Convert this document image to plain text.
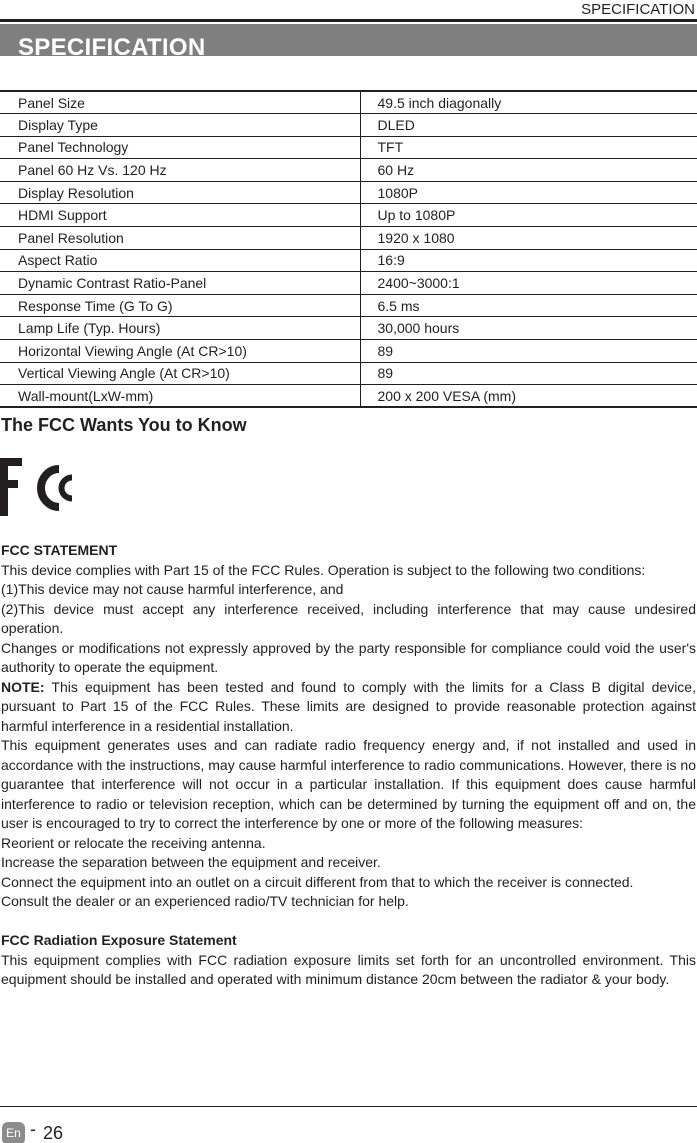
SPECIFICATION
SPECIFICATION
Panel Size	49.5 inch diagonally
Display Type	DLED
Panel Technology	TFT
Panel 60 Hz Vs. 120 Hz	60 Hz
Display Resolution	1080P
HDMI Support	Up to 1080P
Panel Resolution	1920 x 1080
Aspect Ratio	16:9
Dynamic Contrast Ratio-Panel	2400~3000:1
Response Time (G To G)	6.5 ms
Lamp Life (Typ. Hours)	30,000 hours
Horizontal Viewing Angle (At CR>10)	89
Vertical Viewing Angle (At CR>10)	89
Wall-mount(LxW-mm)	200 x 200 VESA (mm)
The FCC Wants You to Know

FCC STATEMENT

This device complies with Part 15 of the FCC Rules. Operation is subject to the following two conditions:

(1)This device may not cause harmful interference, and

(2)This device must accept any interference received, including interference that may cause undesired operation.

Changes or modifications not expressly approved by the party responsible for compliance could void the user's authority to operate the equipment.

NOTE: This equipment has been tested and found to comply with the limits for a Class B digital device, pursuant to Part 15 of the FCC Rules. These limits are designed to provide reasonable protection against harmful interference in a residential installation.

This equipment generates uses and can radiate radio frequency energy and, if not installed and used in accordance with the instructions, may cause harmful interference to radio communications. However, there is no guarantee that interference will not occur in a particular installation. If this equipment does cause harmful interference to radio or television reception, which can be determined by turning the equipment off and on, the user is encouraged to try to correct the interference by one or more of the following measures:

Reorient or relocate the receiving antenna.

Increase the separation between the equipment and receiver.

Connect the equipment into an outlet on a circuit different from that to which the receiver is connected.

Consult the dealer or an experienced radio/TV technician for help.

FCC Radiation Exposure Statement

This equipment complies with FCC radiation exposure limits set forth for an uncontrolled environment. This equipment should be installed and operated with minimum distance 20cm between the radiator & your body.

En - 26
